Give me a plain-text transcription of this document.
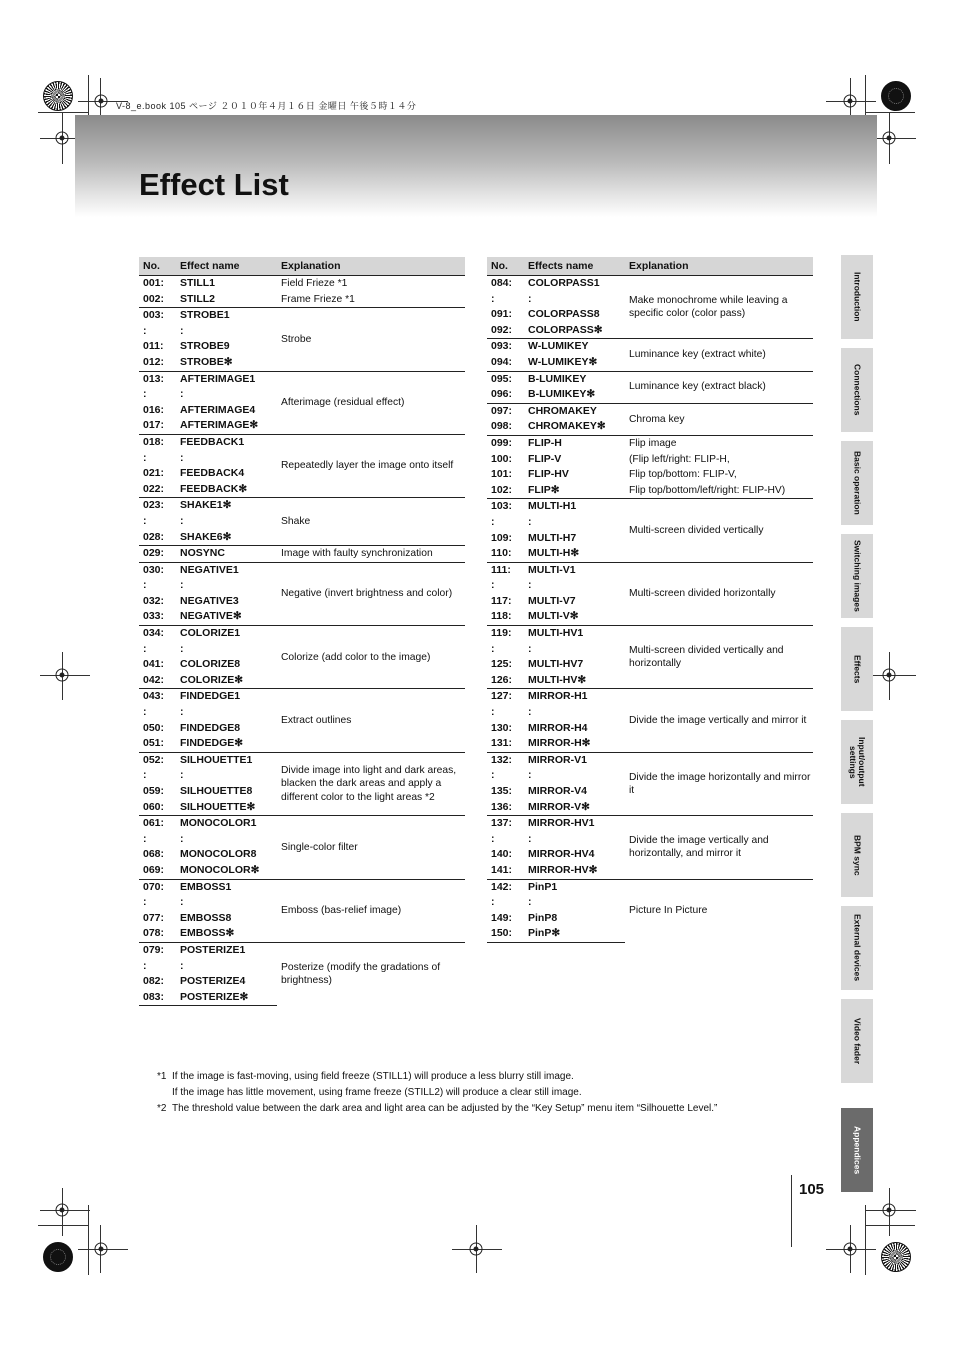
V-8_e.book 105 ページ ２０１０年４月１６日 金曜日 午後５時１４分
Effect List
No.	Effect name	Explanation
001:	STILL1	Field Frieze *1
002:	STILL2	Frame Frieze *1
003:	STROBE1	Strobe
:	:	
011:	STROBE9	
012:	STROBE✻	
013:	AFTERIMAGE1	Afterimage (residual effect)
:	:	
016:	AFTERIMAGE4	
017:	AFTERIMAGE✻	
018:	FEEDBACK1	Repeatedly layer the image onto itself
:	:	
021:	FEEDBACK4	
022:	FEEDBACK✻	
023:	SHAKE1✻	Shake
:	:	
028:	SHAKE6✻	
029:	NOSYNC	Image with faulty synchronization
030:	NEGATIVE1	Negative (invert brightness and color)
:	:	
032:	NEGATIVE3	
033:	NEGATIVE✻	
034:	COLORIZE1	Colorize (add color to the image)
:	:	
041:	COLORIZE8	
042:	COLORIZE✻	
043:	FINDEDGE1	Extract outlines
:	:	
050:	FINDEDGE8	
051:	FINDEDGE✻	
052:	SILHOUETTE1	Divide image into light and dark areas, blacken the dark areas and apply a different color to the light areas *2
:	:	
059:	SILHOUETTE8	
060:	SILHOUETTE✻	
061:	MONOCOLOR1	Single-color filter
:	:	
068:	MONOCOLOR8	
069:	MONOCOLOR✻	
070:	EMBOSS1	Emboss (bas-relief image)
:	:	
077:	EMBOSS8	
078:	EMBOSS✻	
079:	POSTERIZE1	Posterize (modify the gradations of brightness)
:	:	
082:	POSTERIZE4	
083:	POSTERIZE✻	
No.	Effects name	Explanation
084:	COLORPASS1	Make monochrome while leaving a specific color (color pass)
:	:	
091:	COLORPASS8	
092:	COLORPASS✻	
093:	W-LUMIKEY	Luminance key (extract white)
094:	W-LUMIKEY✻	
095:	B-LUMIKEY	Luminance key (extract black)
096:	B-LUMIKEY✻	
097:	CHROMAKEY	Chroma key
098:	CHROMAKEY✻	
099:	FLIP-H	Flip image
100:	FLIP-V	(Flip left/right: FLIP-H,
101:	FLIP-HV	Flip top/bottom: FLIP-V,
102:	FLIP✻	Flip top/bottom/left/right: FLIP-HV)
103:	MULTI-H1	Multi-screen divided vertically
:	:	
109:	MULTI-H7	
110:	MULTI-H✻	
111:	MULTI-V1	Multi-screen divided horizontally
:	:	
117:	MULTI-V7	
118:	MULTI-V✻	
119:	MULTI-HV1	Multi-screen divided vertically and horizontally
:	:	
125:	MULTI-HV7	
126:	MULTI-HV✻	
127:	MIRROR-H1	Divide the image vertically and mirror it
:	:	
130:	MIRROR-H4	
131:	MIRROR-H✻	
132:	MIRROR-V1	Divide the image horizontally and mirror it
:	:	
135:	MIRROR-V4	
136:	MIRROR-V✻	
137:	MIRROR-HV1	Divide the image vertically and horizontally, and mirror it
:	:	
140:	MIRROR-HV4	
141:	MIRROR-HV✻	
142:	PinP1	Picture In Picture
:	:	
149:	PinP8	
150:	PinP✻	
*1 If the image is fast-moving, using field freeze (STILL1) will produce a less blurry still image.
If the image has little movement, using frame freeze (STILL2) will produce a clear still image.
*2 The threshold value between the dark area and light area can be adjusted by the “Key Setup” menu item “Silhouette Level.”
Introduction
Connections
Basic operation
Switching images
Effects
Input/output
settings
BPM sync
External devices
Video fader
Appendices
105
